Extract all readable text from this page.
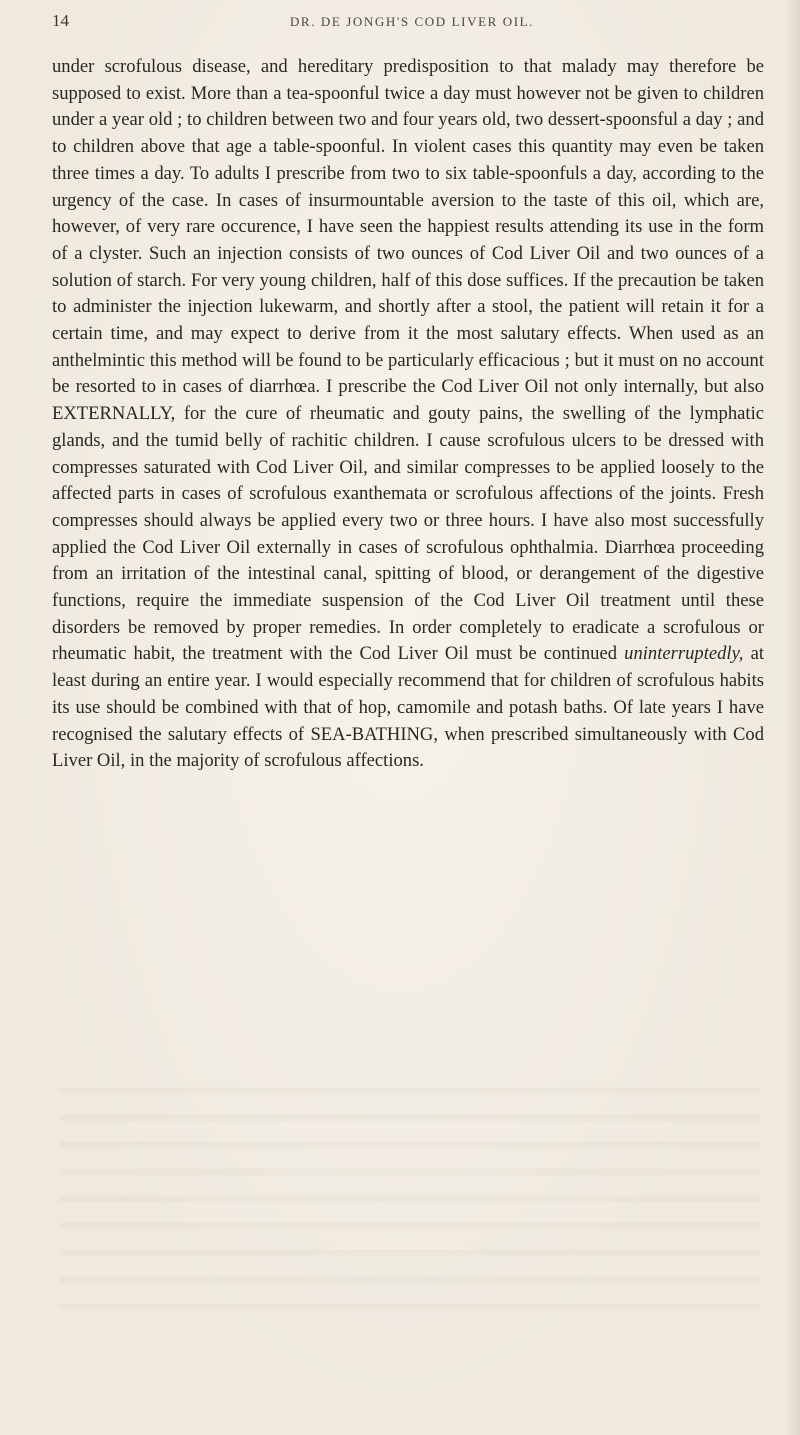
14	DR. DE JONGH'S COD LIVER OIL.

under scrofulous disease, and hereditary predisposition to that malady may therefore be supposed to exist. More than a tea-spoonful twice a day must however not be given to children under a year old ; to children between two and four years old, two dessert-spoonsful a day ; and to children above that age a table-spoonful. In violent cases this quantity may even be taken three times a day. To adults I prescribe from two to six table-spoonfuls a day, according to the urgency of the case. In cases of insurmountable aversion to the taste of this oil, which are, however, of very rare occurence, I have seen the happiest results attending its use in the form of a clyster. Such an injection consists of two ounces of Cod Liver Oil and two ounces of a solution of starch. For very young children, half of this dose suffices. If the precaution be taken to administer the injection lukewarm, and shortly after a stool, the patient will retain it for a certain time, and may expect to derive from it the most salutary effects. When used as an anthelmintic this method will be found to be particularly efficacious ; but it must on no account be resorted to in cases of diarrhœa. I prescribe the Cod Liver Oil not only internally, but also EXTERNALLY, for the cure of rheumatic and gouty pains, the swelling of the lymphatic glands, and the tumid belly of rachitic children. I cause scrofulous ulcers to be dressed with compresses saturated with Cod Liver Oil, and similar compresses to be applied loosely to the affected parts in cases of scrofulous exanthemata or scrofulous affections of the joints. Fresh compresses should always be applied every two or three hours. I have also most successfully applied the Cod Liver Oil externally in cases of scrofulous ophthalmia. Diarrhœa proceeding from an irritation of the intestinal canal, spitting of blood, or derangement of the digestive functions, require the immediate suspension of the Cod Liver Oil treatment until these disorders be removed by proper remedies. In order completely to eradicate a scrofulous or rheumatic habit, the treatment with the Cod Liver Oil must be continued uninterruptedly, at least during an entire year. I would especially recommend that for children of scrofulous habits its use should be combined with that of hop, camomile and potash baths. Of late years I have recognised the salutary effects of SEA-BATHING, when prescribed simultaneously with Cod Liver Oil, in the majority of scrofulous affections.
